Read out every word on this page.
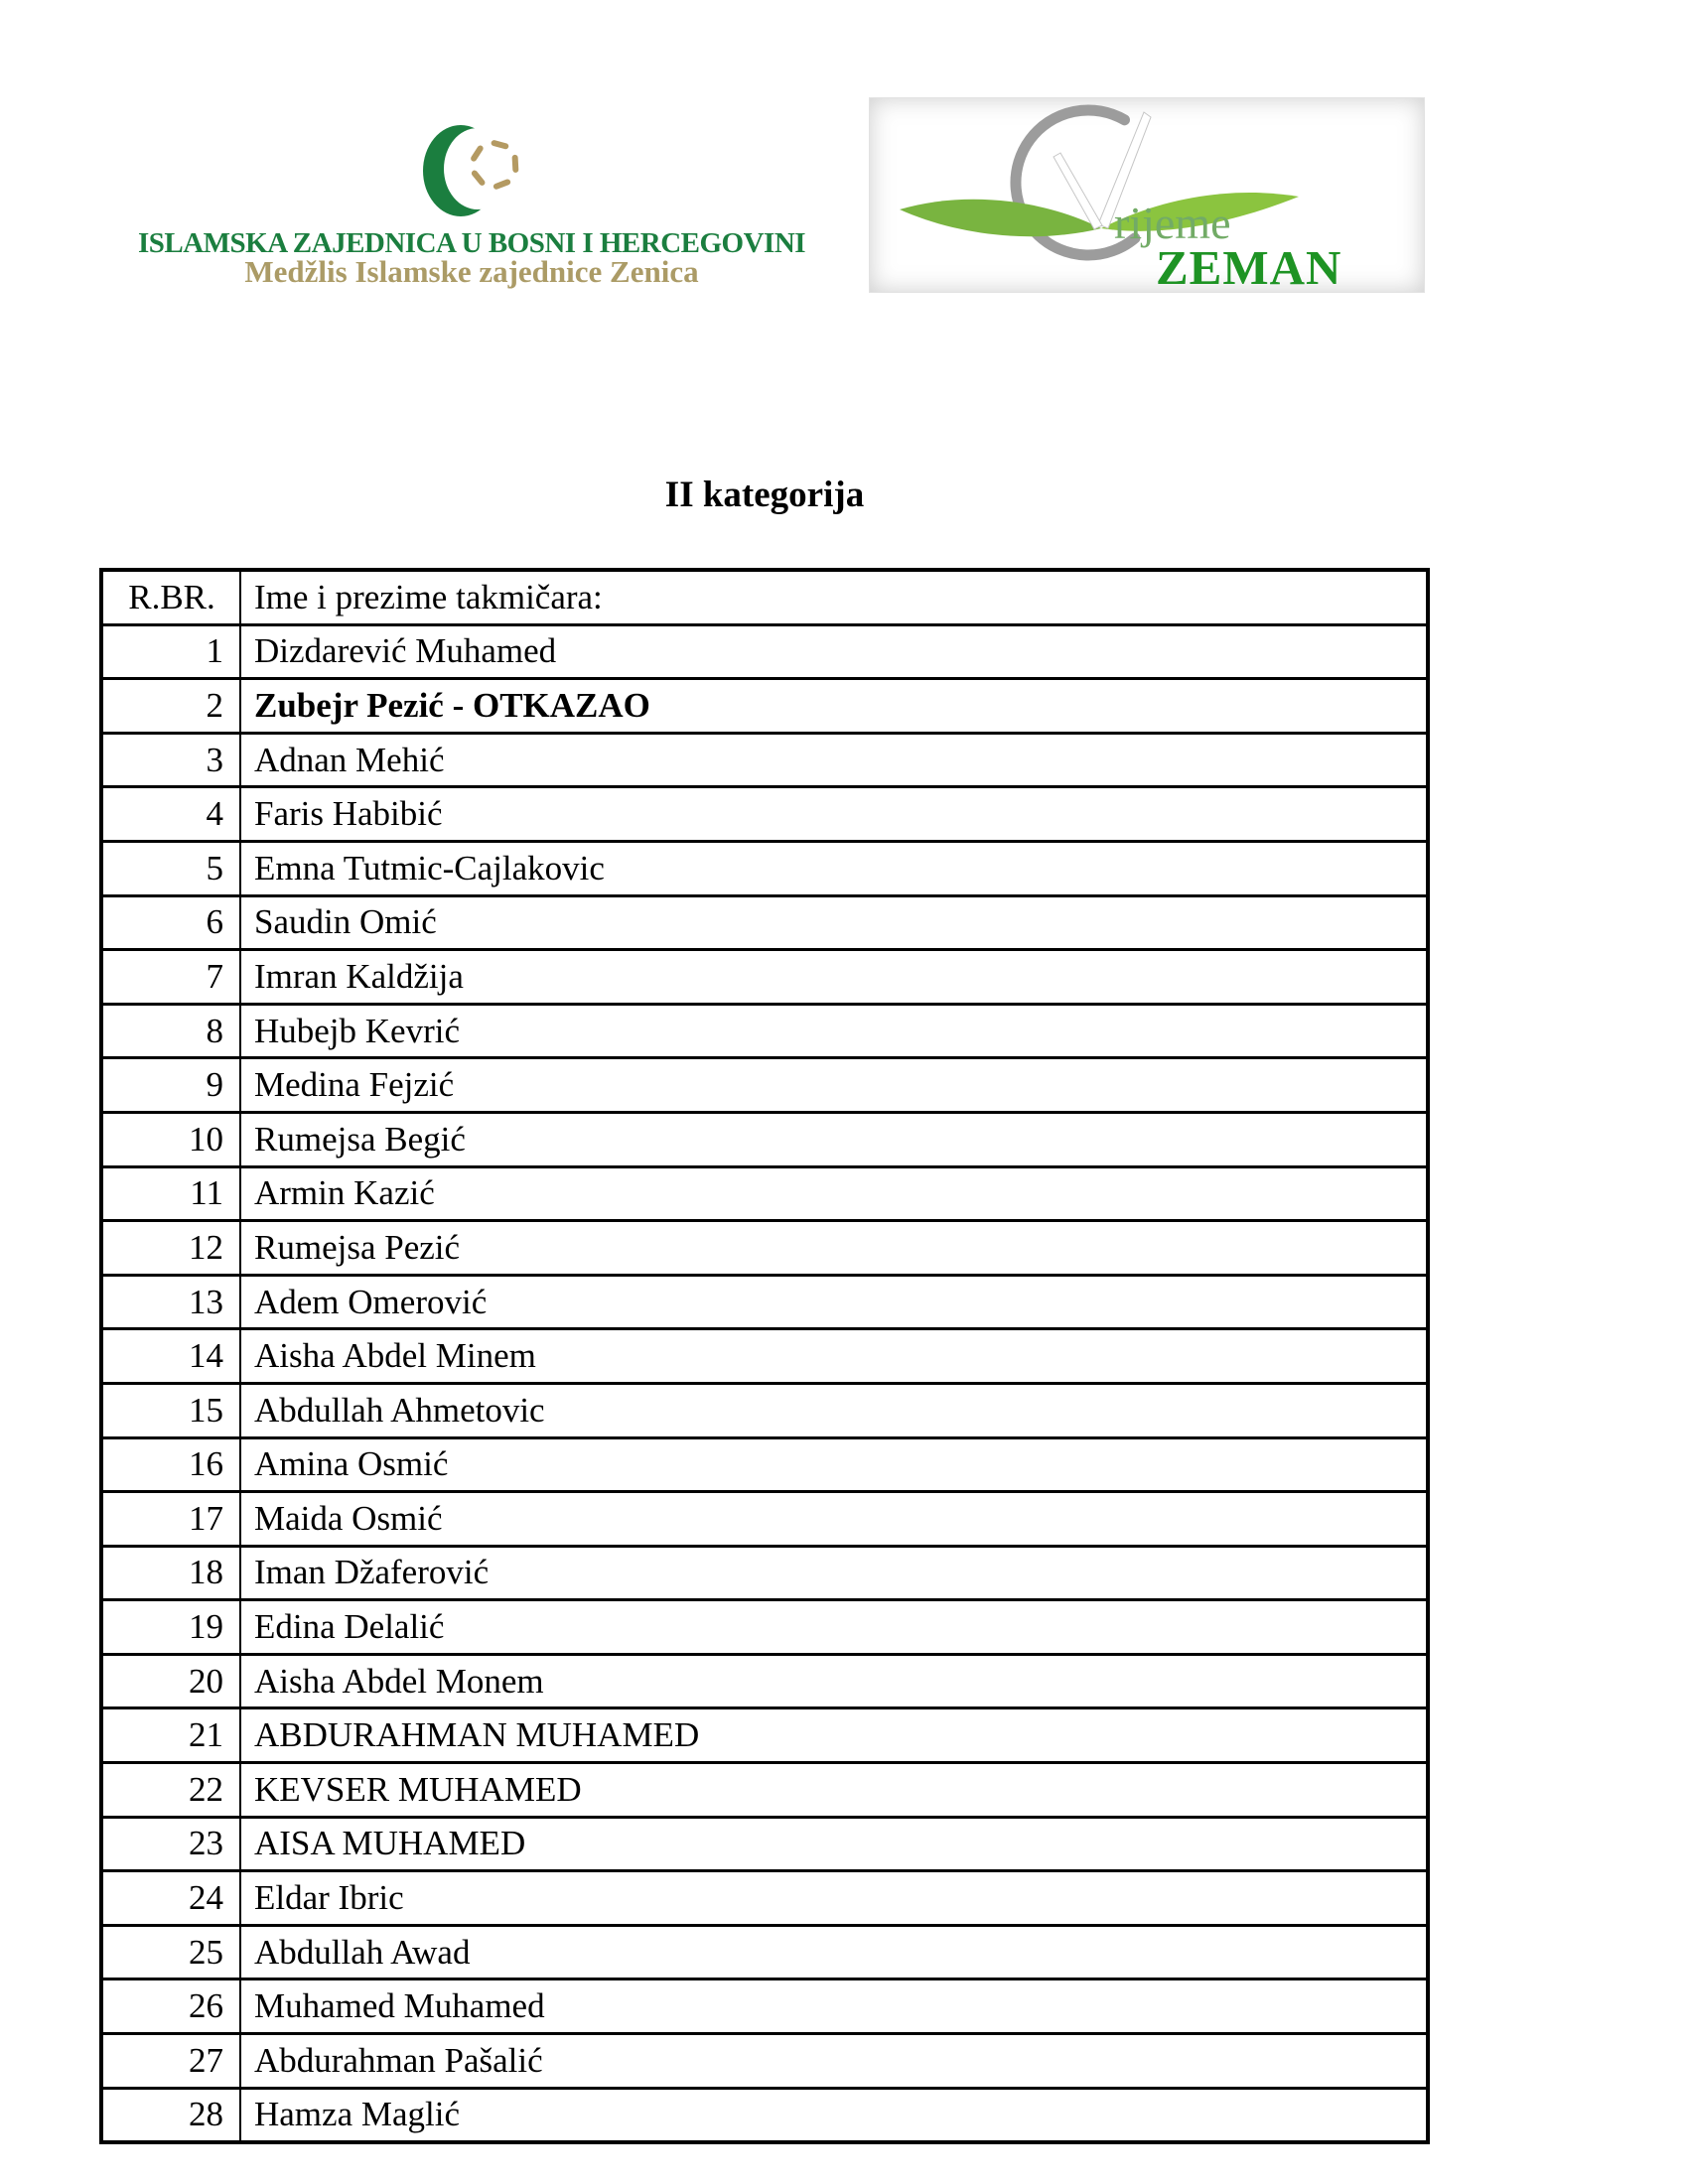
ISLAMSKA ZAJEDNICA U BOSNI I HERCEGOVINI
Medžlis Islamske zajednice Zenica
rijeme
ZEMAN
II kategorija
R.BR.	Ime i prezime takmičara:
1	Dizdarević Muhamed
2	Zubejr Pezić - OTKAZAO
3	Adnan Mehić
4	Faris Habibić
5	Emna Tutmic-Cajlakovic
6	Saudin Omić
7	Imran Kaldžija
8	Hubejb Kevrić
9	Medina Fejzić
10	Rumejsa Begić
11	Armin Kazić
12	Rumejsa Pezić
13	Adem Omerović
14	Aisha Abdel Minem
15	Abdullah Ahmetovic
16	Amina Osmić
17	Maida Osmić
18	Iman Džaferović
19	Edina Delalić
20	Aisha Abdel Monem
21	ABDURAHMAN MUHAMED
22	KEVSER MUHAMED
23	AISA MUHAMED
24	Eldar Ibric
25	Abdullah Awad
26	Muhamed Muhamed
27	Abdurahman Pašalić
28	Hamza Maglić
